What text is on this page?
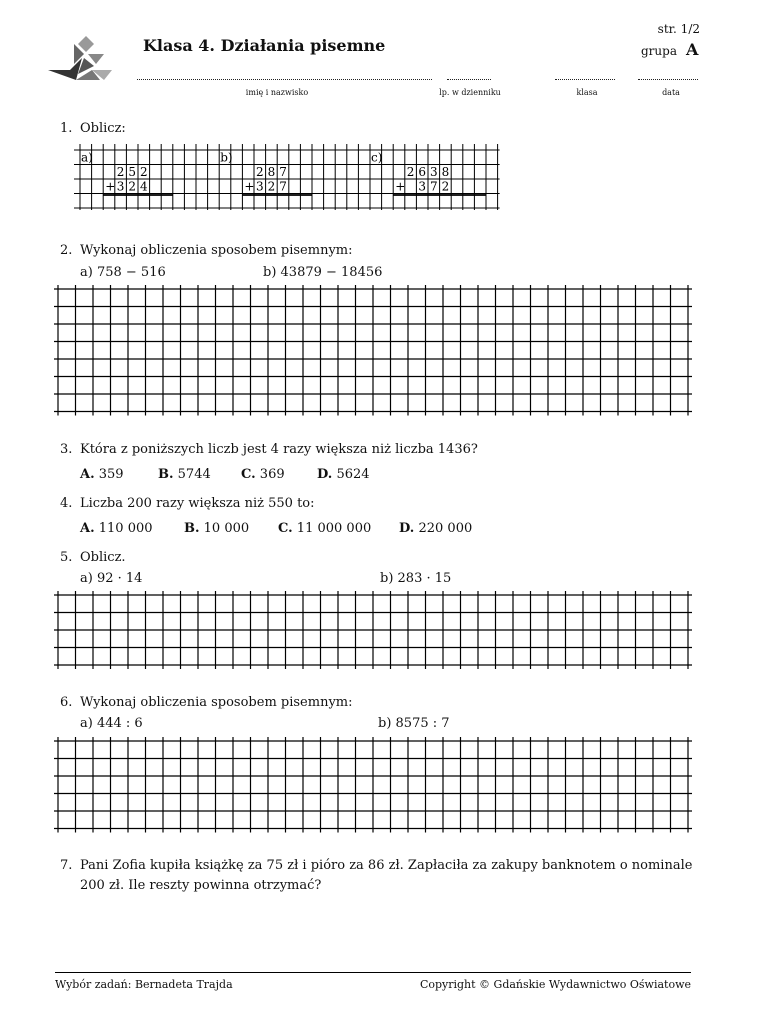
Klasa 4. Działania pisemne
str. 1/2
grupa A
imię i nazwisko	lp. w dzienniku	klasa	data
1. Oblicz:
a)
2 5 2
+ 3 2 4
b)
2 8 7
+ 3 2 7
c)
2 6 3 8
+ 3 7 2
2. Wykonaj obliczenia sposobem pisemnym:
a) 758 − 516	b) 43879 − 18456
3. Która z poniższych liczb jest 4 razy większa niż liczba 1436?
A. 359	B. 5744 C. 369 D. 5624
4. Liczba 200 razy większa niż 550 to:
A. 110 000 B. 10 000 C. 11 000 000 D. 220 000
5. Oblicz.
a) 92 · 14	b) 283 · 15
6. Wykonaj obliczenia sposobem pisemnym:
a) 444 : 6	b) 8575 : 7
7. Pani Zofia kupiła książkę za 75 zł i pióro za 86 zł. Zapłaciła za zakupy banknotem o nominale
200 zł. Ile reszty powinna otrzymać?
Wybór zadań: Bernadeta Trajda	Copyright © Gdańskie Wydawnictwo Oświatowe
